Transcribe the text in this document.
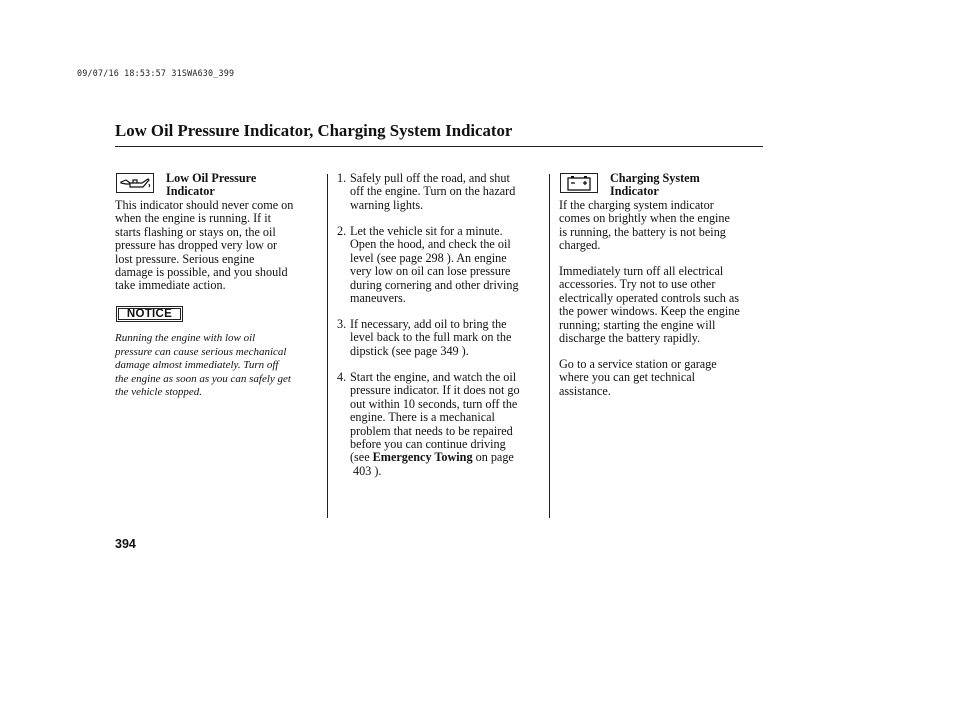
09/07/16 18:53:57 31SWA630_399
Low Oil Pressure Indicator, Charging System Indicator
Low Oil Pressure
Indicator
This indicator should never come on
when the engine is running. If it
starts flashing or stays on, the oil
pressure has dropped very low or
lost pressure. Serious engine
damage is possible, and you should
take immediate action.
NOTICE
Running the engine with low oil
pressure can cause serious mechanical
damage almost immediately. Turn off
the engine as soon as you can safely get
the vehicle stopped.
1. Safely pull off the road, and shut
off the engine. Turn on the hazard
warning lights.
2. Let the vehicle sit for a minute.
Open the hood, and check the oil
level (see page 298 ). An engine
very low on oil can lose pressure
during cornering and other driving
maneuvers.
3. If necessary, add oil to bring the
level back to the full mark on the
dipstick (see page 349 ).
4. Start the engine, and watch the oil
pressure indicator. If it does not go
out within 10 seconds, turn off the
engine. There is a mechanical
problem that needs to be repaired
before you can continue driving
(see Emergency Towing on page
403 ).
Charging System
Indicator
If the charging system indicator
comes on brightly when the engine
is running, the battery is not being
charged.
Immediately turn off all electrical
accessories. Try not to use other
electrically operated controls such as
the power windows. Keep the engine
running; starting the engine will
discharge the battery rapidly.
Go to a service station or garage
where you can get technical
assistance.
394
